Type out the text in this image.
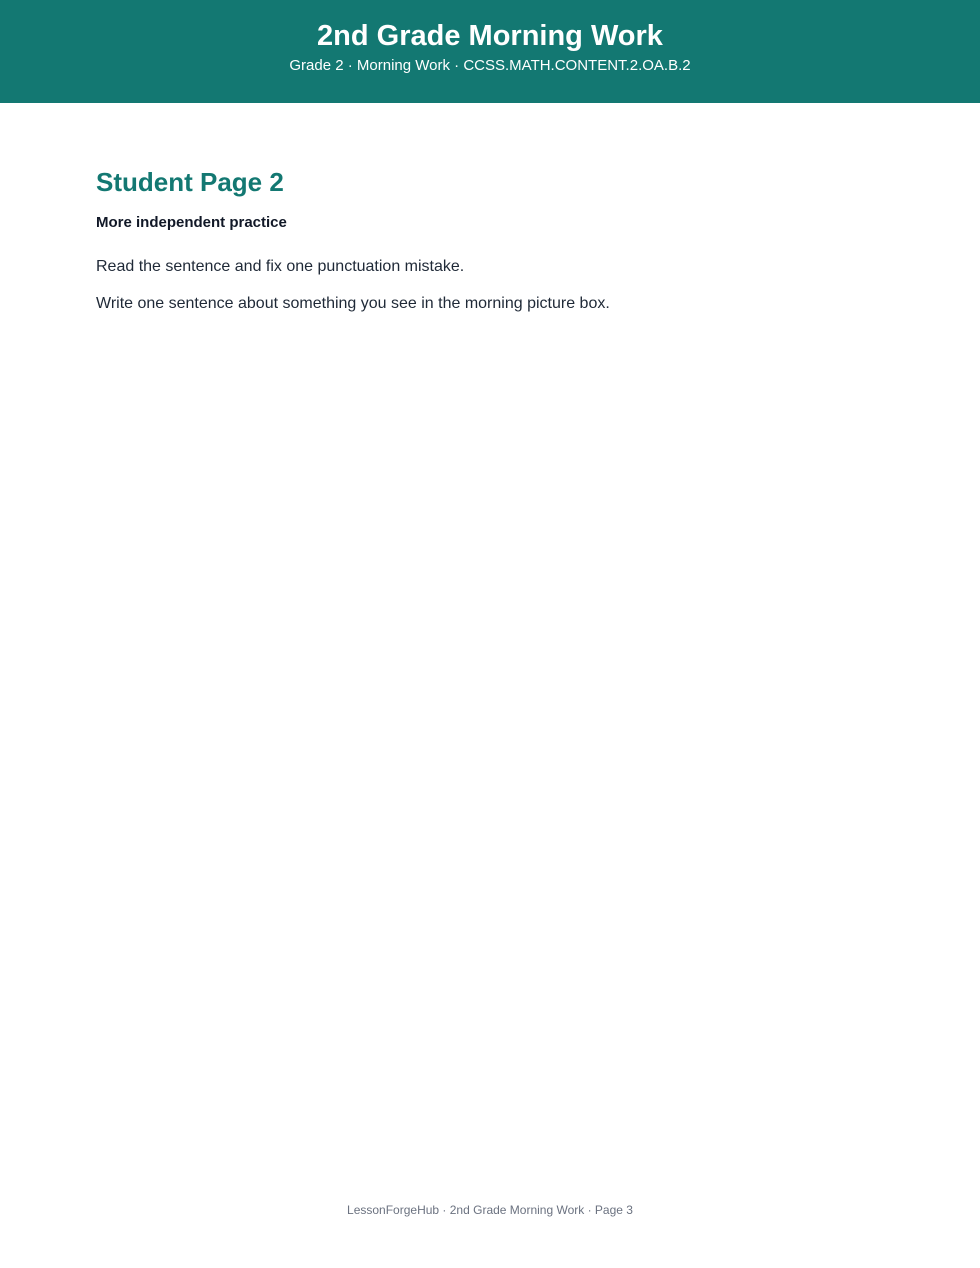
2nd Grade Morning Work
Grade 2 · Morning Work · CCSS.MATH.CONTENT.2.OA.B.2
Student Page 2
More independent practice

Read the sentence and fix one punctuation mistake.

Write one sentence about something you see in the morning picture box.

LessonForgeHub · 2nd Grade Morning Work · Page 3
